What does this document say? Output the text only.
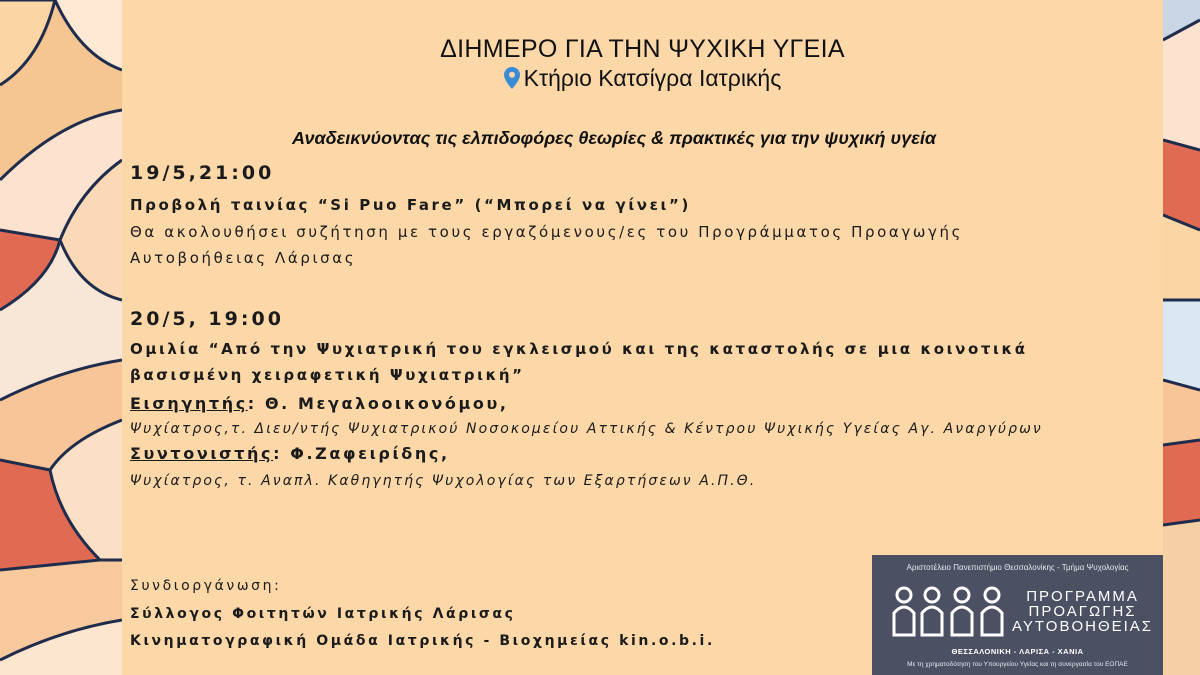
ΔΙΗΜΕΡΟ ΓΙΑ ΤΗΝ ΨΥΧΙΚΗ ΥΓΕΙΑ
Κτήριο Κατσίγρα Ιατρικής
Αναδεικνύοντας τις ελπιδοφόρες θεωρίες & πρακτικές για την ψυχική υγεία
19/5,21:00
Προβολή ταινίας “Si Puo Fare” (“Μπορεί να γίνει”)
Θα ακολουθήσει συζήτηση με τους εργαζόμενους/ες του Προγράμματος Προαγωγής
Αυτοβοήθειας Λάρισας
20/5, 19:00
Ομιλία “Από την Ψυχιατρική του εγκλεισμού και της καταστολής σε μια κοινοτικά
βασισμένη χειραφετική Ψυχιατρική”
Εισηγητής: Θ. Μεγαλοοικονόμου,
Ψυχίατρος,τ. Διευ/ντής Ψυχιατρικού Νοσοκομείου Αττικής & Κέντρου Ψυχικής Υγείας Αγ. Αναργύρων
Συντονιστής: Φ.Ζαφειρίδης,
Ψυχίατρος, τ. Αναπλ. Καθηγητής Ψυχολογίας των Εξαρτήσεων Α.Π.Θ.
Συνδιοργάνωση:
Σύλλογος Φοιτητών Ιατρικής Λάρισας
Κινηματογραφική Ομάδα Ιατρικής - Βιοχημείας kin.o.b.i.
Αριστοτέλειο Πανεπιστήμιο Θεσσαλονίκης - Τμήμα Ψυχολογίας
ΠΡΟΓΡΑΜΜΑ
ΠΡΟΑΓΩΓΗΣ
ΑΥΤΟΒΟΗΘΕΙΑΣ
ΘΕΣΣΑΛΟΝΙΚΗ - ΛΑΡΙΣΑ - ΧΑΝΙΑ
Με τη χρηματοδότηση του Υπουργείου Υγείας και τη συνεργασία του ΕΟΠΑΕ
